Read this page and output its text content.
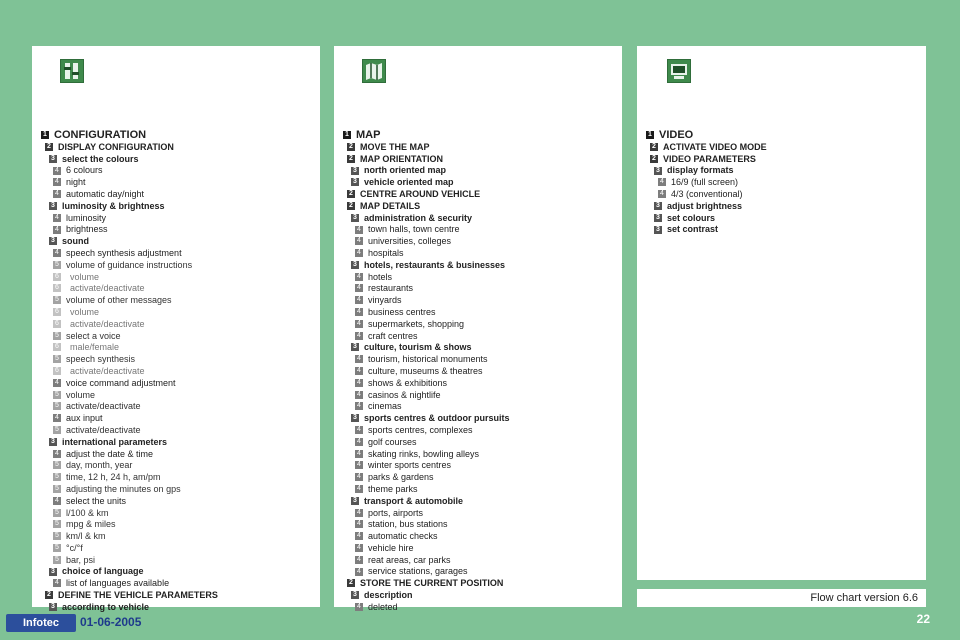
1 CONFIGURATION
2 DISPLAY CONFIGURATION
3 select the colours
4 6 colours
4 night
4 automatic day/night
3 luminosity & brightness
4 luminosity
4 brightness
3 sound
4 speech synthesis adjustment
5 volume of guidance instructions
6 volume
6 activate/deactivate
5 volume of other messages
6 volume
6 activate/deactivate
5 select a voice
6 male/female
5 speech synthesis
6 activate/deactivate
4 voice command adjustment
5 volume
5 activate/deactivate
4 aux input
5 activate/deactivate
3 international parameters
4 adjust the date & time
5 day, month, year
5 time, 12 h, 24 h, am/pm
5 adjusting the minutes on gps
4 select the units
5 l/100 & km
5 mpg & miles
5 km/l & km
5 °c/°f
5 bar, psi
3 choice of language
4 list of languages available
2 DEFINE THE VEHICLE PARAMETERS
3 according to vehicle
1 MAP
2 MOVE THE MAP
2 MAP ORIENTATION
3 north oriented map
3 vehicle oriented map
2 CENTRE AROUND VEHICLE
2 MAP DETAILS
3 administration & security
4 town halls, town centre
4 universities, colleges
4 hospitals
3 hotels, restaurants & businesses
4 hotels
4 restaurants
4 vinyards
4 business centres
4 supermarkets, shopping
4 craft centres
3 culture, tourism & shows
4 tourism, historical monuments
4 culture, museums & theatres
4 shows & exhibitions
4 casinos & nightlife
4 cinemas
3 sports centres & outdoor pursuits
4 sports centres, complexes
4 golf courses
4 skating rinks, bowling alleys
4 winter sports centres
4 parks & gardens
4 theme parks
3 transport & automobile
4 ports, airports
4 station, bus stations
4 automatic checks
4 vehicle hire
4 reat areas, car parks
4 service stations, garages
2 STORE THE CURRENT POSITION
3 description
4 deleted
1 VIDEO
2 ACTIVATE VIDEO MODE
2 VIDEO PARAMETERS
3 display formats
4 16/9 (full screen)
4 4/3 (conventional)
3 adjust brightness
3 set colours
3 set contrast
Flow chart version 6.6
Infotec	01-06-2005	22
